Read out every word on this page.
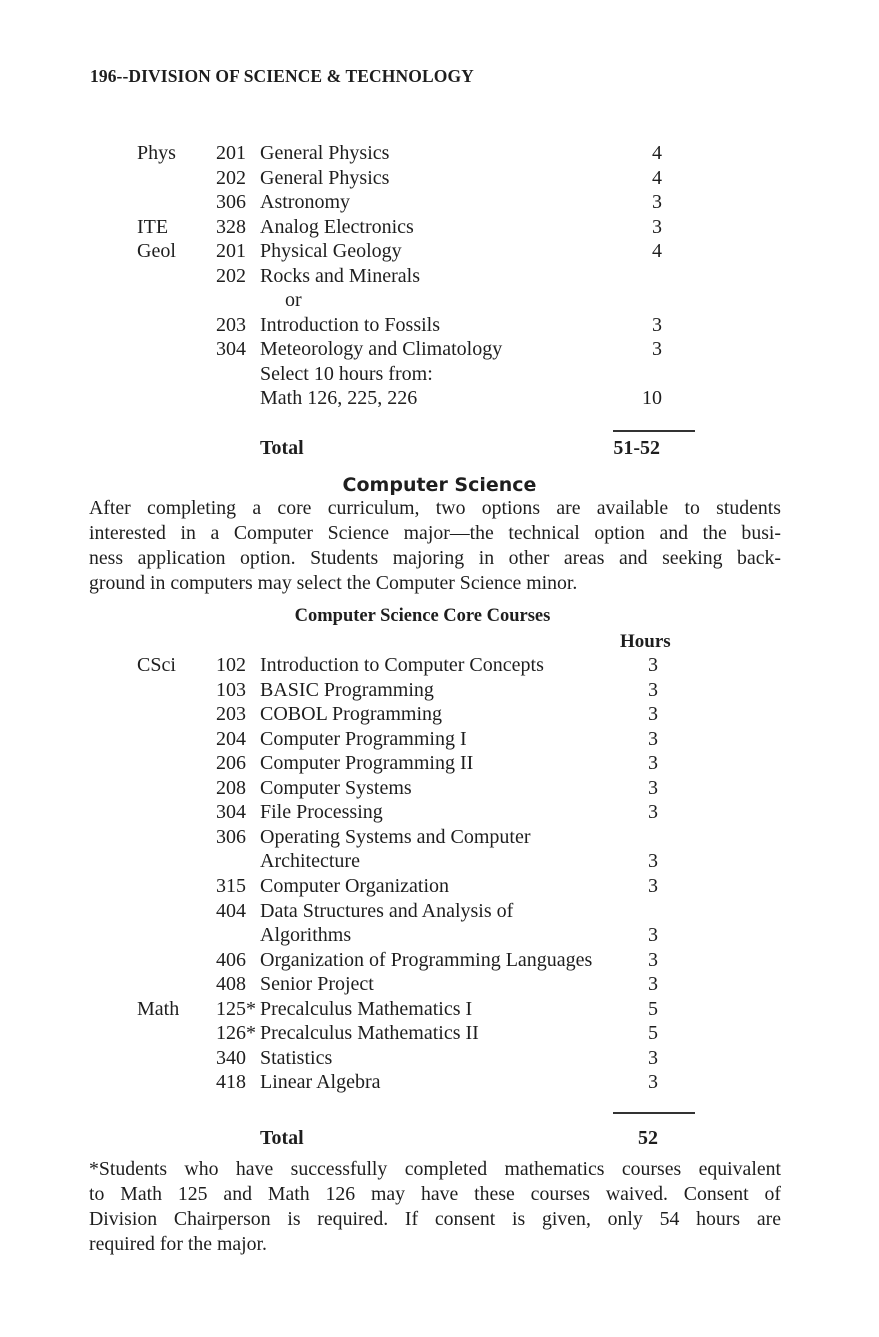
196--DIVISION OF SCIENCE & TECHNOLOGY
Phys 201 General Physics	4
202 General Physics	4
306 Astronomy	3
ITE 328 Analog Electronics	3
Geol 201 Physical Geology	4
202 Rocks and Minerals
or
203 Introduction to Fossils	3
304 Meteorology and Climatology	3
Select 10 hours from:
Math 126, 225, 226	10
Total	51-52
Computer Science
After completing a core curriculum, two options are available to students
interested in a Computer Science major—the technical option and the busi-
ness application option. Students majoring in other areas and seeking back-
ground in computers may select the Computer Science minor.
Computer Science Core Courses
Hours
CSci 102 Introduction to Computer Concepts	3
103 BASIC Programming	3
203 COBOL Programming	3
204 Computer Programming I	3
206 Computer Programming II	3
208 Computer Systems	3
304 File Processing	3
306 Operating Systems and Computer
Architecture	3
315 Computer Organization	3
404 Data Structures and Analysis of
Algorithms	3
406 Organization of Programming Languages	3
408 Senior Project	3
Math 125* Precalculus Mathematics I	5
126* Precalculus Mathematics II	5
340 Statistics	3
418 Linear Algebra	3
Total	52
*Students who have successfully completed mathematics courses equivalent
to Math 125 and Math 126 may have these courses waived. Consent of
Division Chairperson is required. If consent is given, only 54 hours are
required for the major.
